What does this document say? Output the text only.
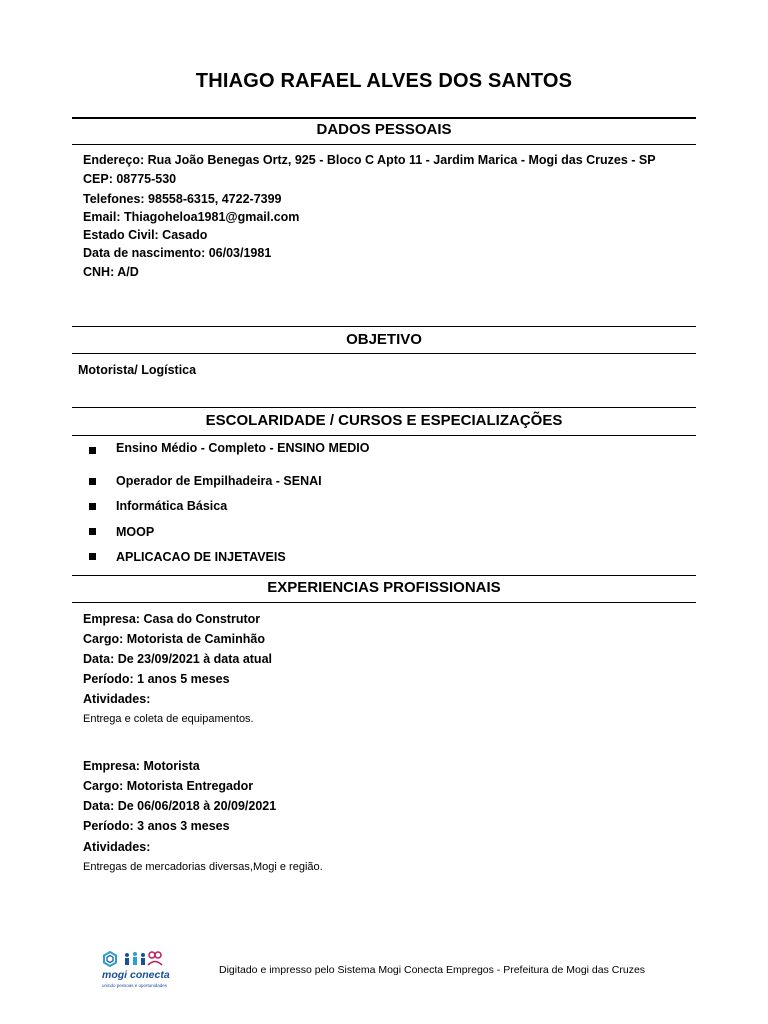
THIAGO RAFAEL ALVES DOS SANTOS
DADOS PESSOAIS
Endereço: Rua João Benegas Ortz, 925 - Bloco C Apto 11 - Jardim Marica - Mogi das Cruzes - SP
CEP: 08775-530
Telefones: 98558-6315, 4722-7399
Email: Thiagoheloa1981@gmail.com
Estado Civil: Casado
Data de nascimento: 06/03/1981
CNH: A/D
OBJETIVO
Motorista/ Logística
ESCOLARIDADE / CURSOS E ESPECIALIZAÇÕES
Ensino Médio - Completo - ENSINO MEDIO
Operador de Empilhadeira - SENAI
Informática Básica
MOOP
APLICACAO DE INJETAVEIS
EXPERIENCIAS PROFISSIONAIS
Empresa: Casa do Construtor
Cargo: Motorista de Caminhão
Data: De 23/09/2021 à data atual
Período: 1 anos 5 meses
Atividades:
Entrega e coleta de equipamentos.
Empresa: Motorista
Cargo: Motorista Entregador
Data: De 06/06/2018 à 20/09/2021
Período: 3 anos 3 meses
Atividades:
Entregas de mercadorias diversas,Mogi e região.
mogi conecta
unindo pessoas e oportunidades
Digitado e impresso pelo Sistema Mogi Conecta Empregos - Prefeitura de Mogi das Cruzes
